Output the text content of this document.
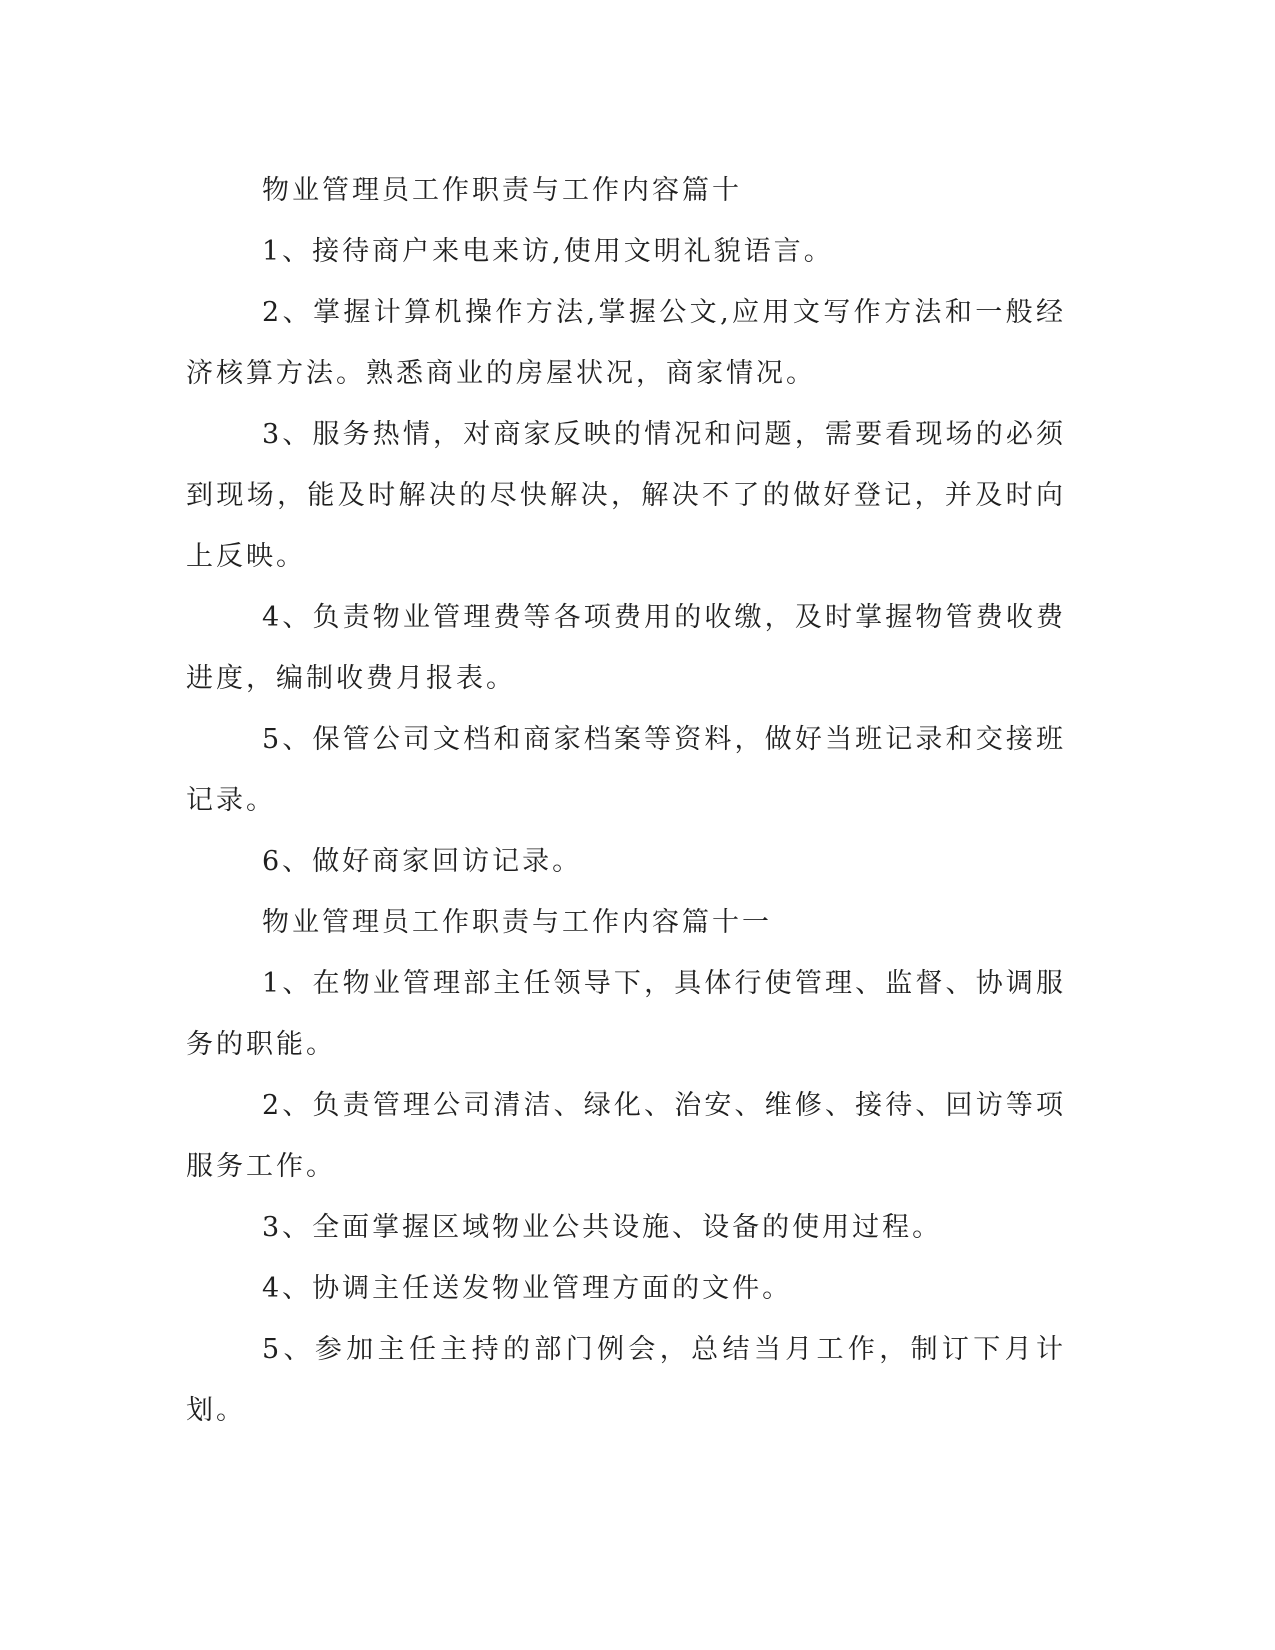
物业管理员工作职责与工作内容篇十

1、接待商户来电来访,使用文明礼貌语言。

2、掌握计算机操作方法,掌握公文,应用文写作方法和一般经济核算方法。熟悉商业的房屋状况，商家情况。

3、服务热情，对商家反映的情况和问题，需要看现场的必须到现场，能及时解决的尽快解决，解决不了的做好登记，并及时向上反映。

4、负责物业管理费等各项费用的收缴，及时掌握物管费收费进度，编制收费月报表。

5、保管公司文档和商家档案等资料，做好当班记录和交接班记录。

6、做好商家回访记录。

物业管理员工作职责与工作内容篇十一

1、在物业管理部主任领导下，具体行使管理、监督、协调服务的职能。

2、负责管理公司清洁、绿化、治安、维修、接待、回访等项服务工作。

3、全面掌握区域物业公共设施、设备的使用过程。

4、协调主任送发物业管理方面的文件。

5、参加主任主持的部门例会，总结当月工作，制订下月计划。
